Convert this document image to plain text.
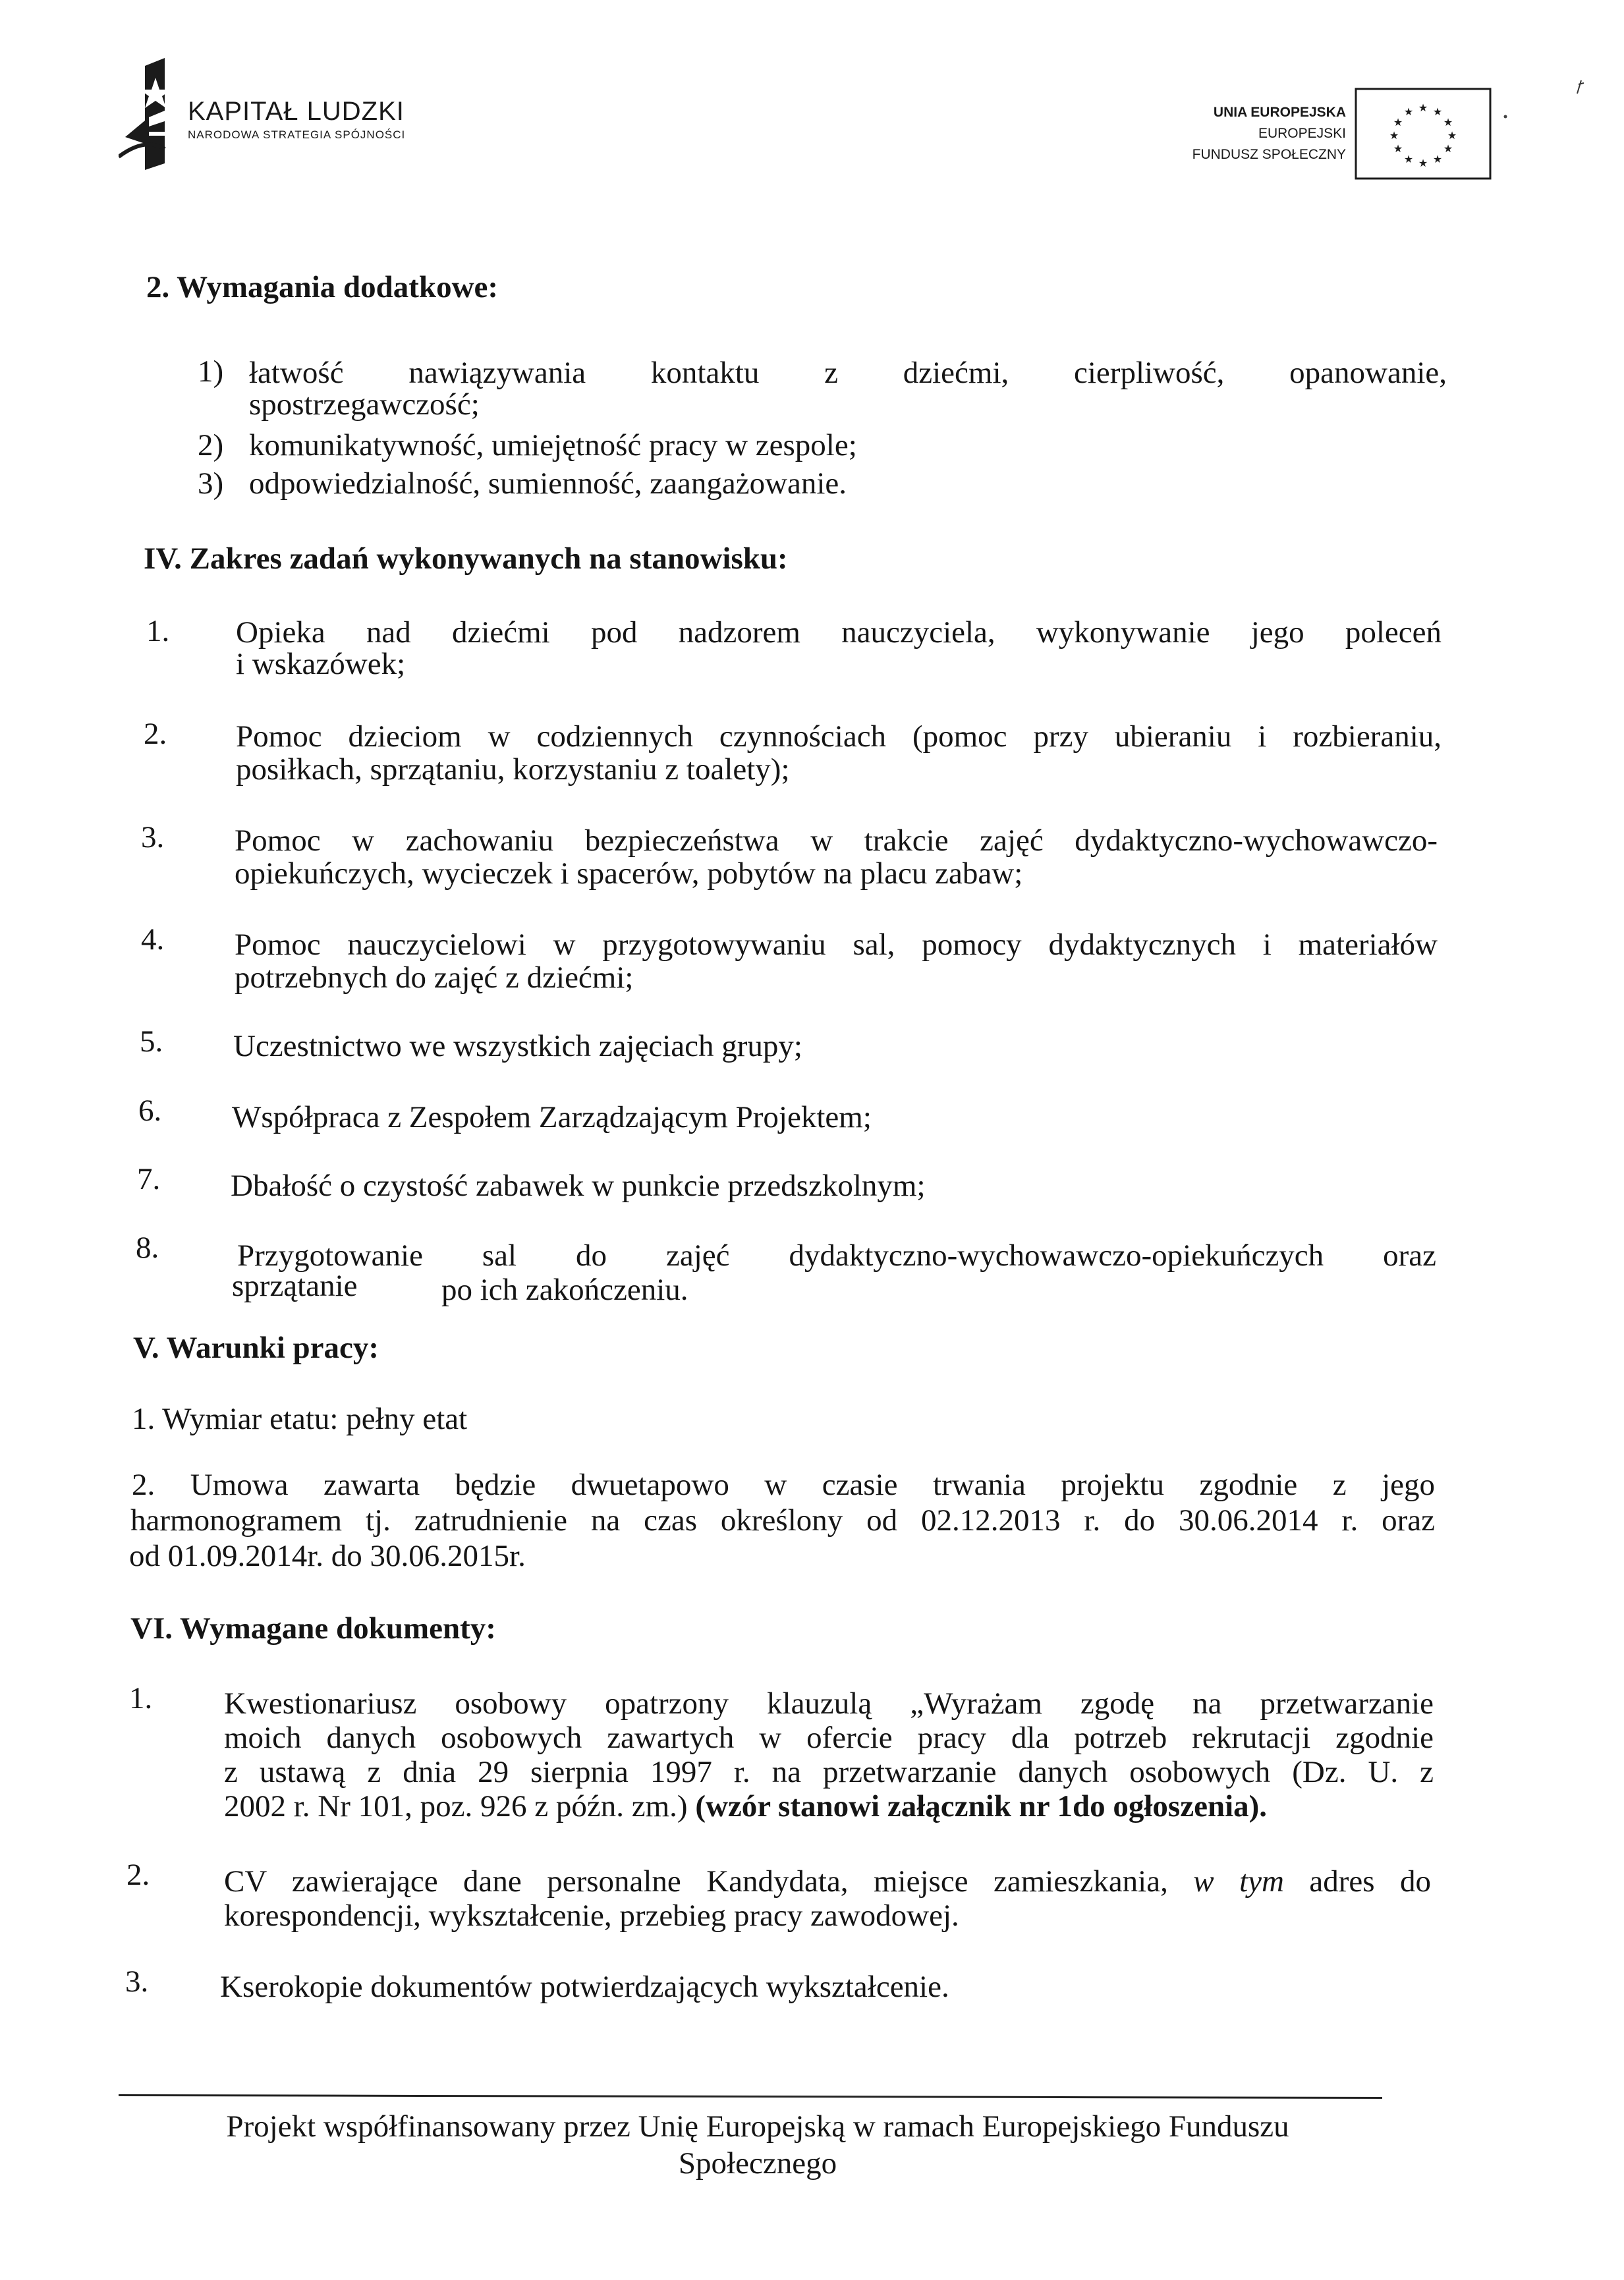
KAPITAŁ LUDZKI
NARODOWA STRATEGIA SPÓJNOŚCI
UNIA EUROPEJSKA
EUROPEJSKI
FUNDUSZ SPOŁECZNY
★ ★
★
★
★
★
★
★
★
★
★
★
2. Wymagania dodatkowe:
1) łatwość nawiązywania kontaktu z dziećmi, cierpliwość, opanowanie,
spostrzegawczość;
2) komunikatywność, umiejętność pracy w zespole;
3) odpowiedzialność, sumienność, zaangażowanie.
IV. Zakres zadań wykonywanych na stanowisku:
1. Opieka nad dziećmi pod nadzorem nauczyciela, wykonywanie jego poleceń
i wskazówek;
2. Pomoc dzieciom w codziennych czynnościach (pomoc przy ubieraniu i rozbieraniu,
posiłkach, sprzątaniu, korzystaniu z toalety);
3. Pomoc w zachowaniu bezpieczeństwa w trakcie zajęć dydaktyczno-wychowawczo-
opiekuńczych, wycieczek i spacerów, pobytów na placu zabaw;
4. Pomoc nauczycielowi w przygotowywaniu sal, pomocy dydaktycznych i materiałów
potrzebnych do zajęć z dziećmi;
5. Uczestnictwo we wszystkich zajęciach grupy;
6. Współpraca z Zespołem Zarządzającym Projektem;
7. Dbałość o czystość zabawek w punkcie przedszkolnym;
8.	Przygotowanie sal do zajęć dydaktyczno-wychowawczo-opiekuńczych oraz
sprzątanie	po ich zakończeniu.
V. Warunki pracy:
1. Wymiar etatu: pełny etat
2. Umowa zawarta będzie dwuetapowo w czasie trwania projektu zgodnie z jego
harmonogramem tj. zatrudnienie na czas określony od 02.12.2013 r. do 30.06.2014 r. oraz
od 01.09.2014r. do 30.06.2015r.
VI. Wymagane dokumenty:
1. Kwestionariusz osobowy opatrzony klauzulą „Wyrażam zgodę na przetwarzanie
moich danych osobowych zawartych w ofercie pracy dla potrzeb rekrutacji zgodnie
z ustawą z dnia 29 sierpnia 1997 r. na przetwarzanie danych osobowych (Dz. U. z
2002 r. Nr 101, poz. 926 z późn. zm.) (wzór stanowi załącznik nr 1do ogłoszenia).
2. CV zawierające dane personalne Kandydata, miejsce zamieszkania, w tym adres do
korespondencji, wykształcenie, przebieg pracy zawodowej.
3. Kserokopie dokumentów potwierdzających wykształcenie.
Projekt współfinansowany przez Unię Europejską w ramach Europejskiego Funduszu
Społecznego
